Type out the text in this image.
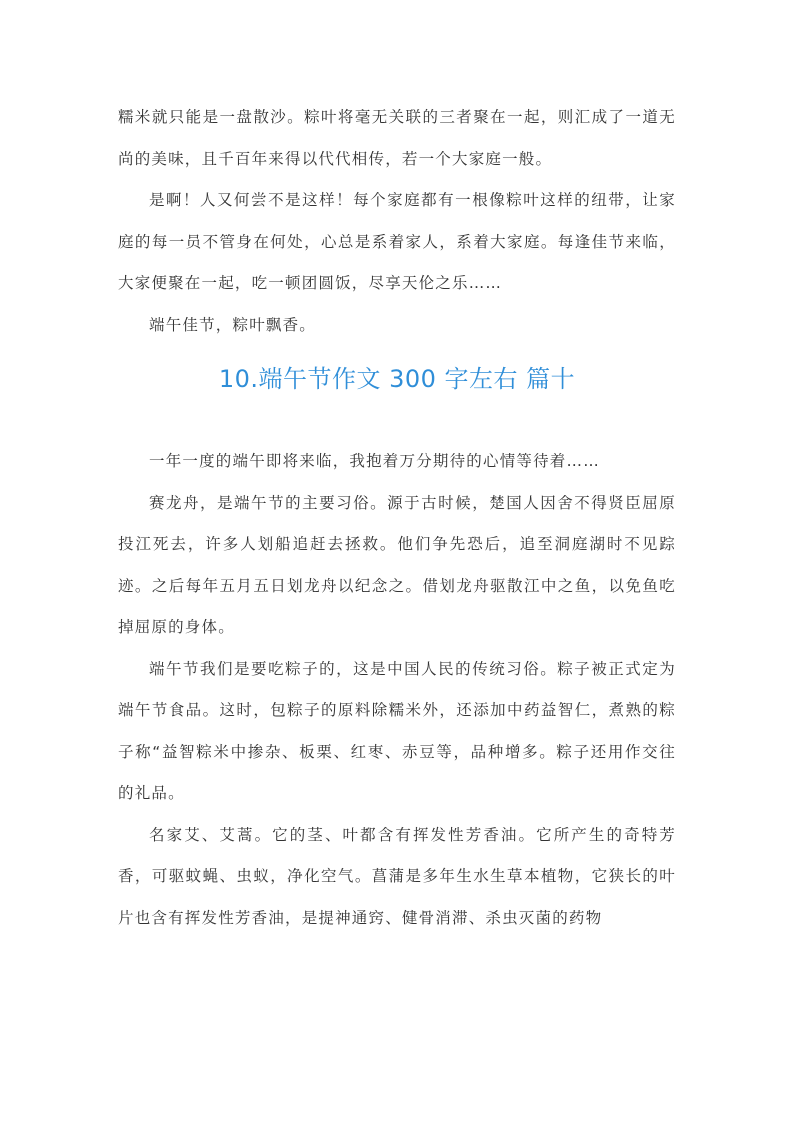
糯米就只能是一盘散沙。粽叶将毫无关联的三者聚在一起，则汇成了一道无尚的美味，且千百年来得以代代相传，若一个大家庭一般。

是啊！人又何尝不是这样！每个家庭都有一根像粽叶这样的纽带，让家庭的每一员不管身在何处，心总是系着家人，系着大家庭。每逢佳节来临，大家便聚在一起，吃一顿团圆饭，尽享天伦之乐……

端午佳节，粽叶飘香。

10.端午节作文 300 字左右 篇十

一年一度的端午即将来临，我抱着万分期待的心情等待着……

赛龙舟，是端午节的主要习俗。源于古时候，楚国人因舍不得贤臣屈原投江死去，许多人划船追赶去拯救。他们争先恐后，追至洞庭湖时不见踪迹。之后每年五月五日划龙舟以纪念之。借划龙舟驱散江中之鱼，以免鱼吃掉屈原的身体。

端午节我们是要吃粽子的，这是中国人民的传统习俗。粽子被正式定为端午节食品。这时，包粽子的原料除糯米外，还添加中药益智仁，煮熟的粽子称“益智粽米中掺杂、板栗、红枣、赤豆等，品种增多。粽子还用作交往的礼品。

名家艾、艾蒿。它的茎、叶都含有挥发性芳香油。它所产生的奇特芳香，可驱蚊蝇、虫蚁，净化空气。菖蒲是多年生水生草本植物，它狭长的叶片也含有挥发性芳香油，是提神通窍、健骨消滞、杀虫灭菌的药物
